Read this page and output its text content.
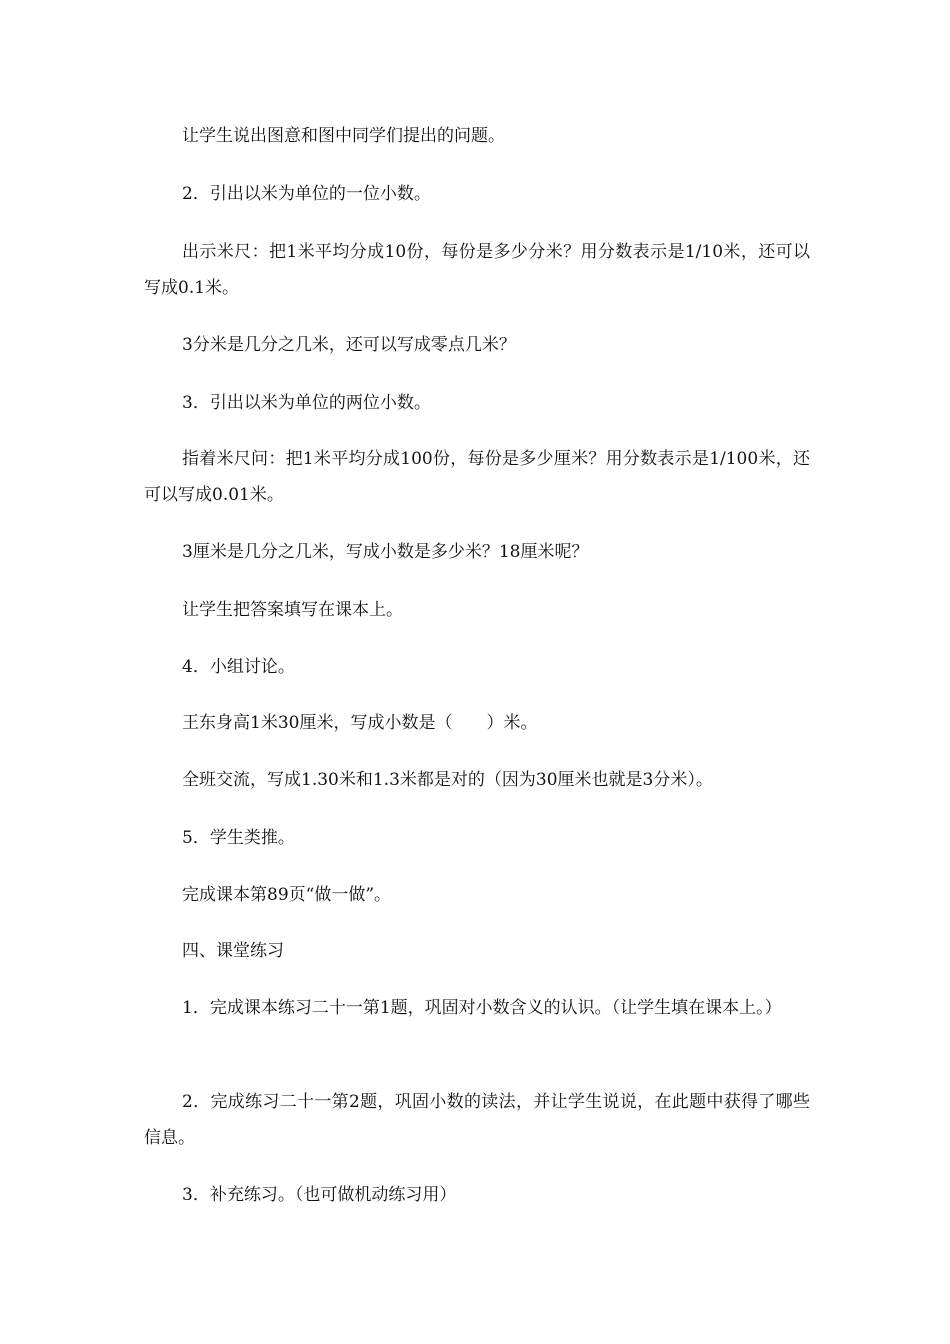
让学生说出图意和图中同学们提出的问题。
2．引出以米为单位的一位小数。
出示米尺：把1米平均分成10份，每份是多少分米？用分数表示是1/10米，还可以写成0.1米。
3分米是几分之几米，还可以写成零点几米？
3．引出以米为单位的两位小数。
指着米尺问：把1米平均分成100份，每份是多少厘米？用分数表示是1/100米，还可以写成0.01米。
3厘米是几分之几米，写成小数是多少米？18厘米呢？
让学生把答案填写在课本上。
4．小组讨论。
王东身高1米30厘米，写成小数是（　　）米。
全班交流，写成1.30米和1.3米都是对的（因为30厘米也就是3分米）。
5．学生类推。
完成课本第89页“做一做”。
四、课堂练习
1．完成课本练习二十一第1题，巩固对小数含义的认识。（让学生填在课本上。）
2．完成练习二十一第2题，巩固小数的读法，并让学生说说，在此题中获得了哪些信息。
3．补充练习。（也可做机动练习用）
